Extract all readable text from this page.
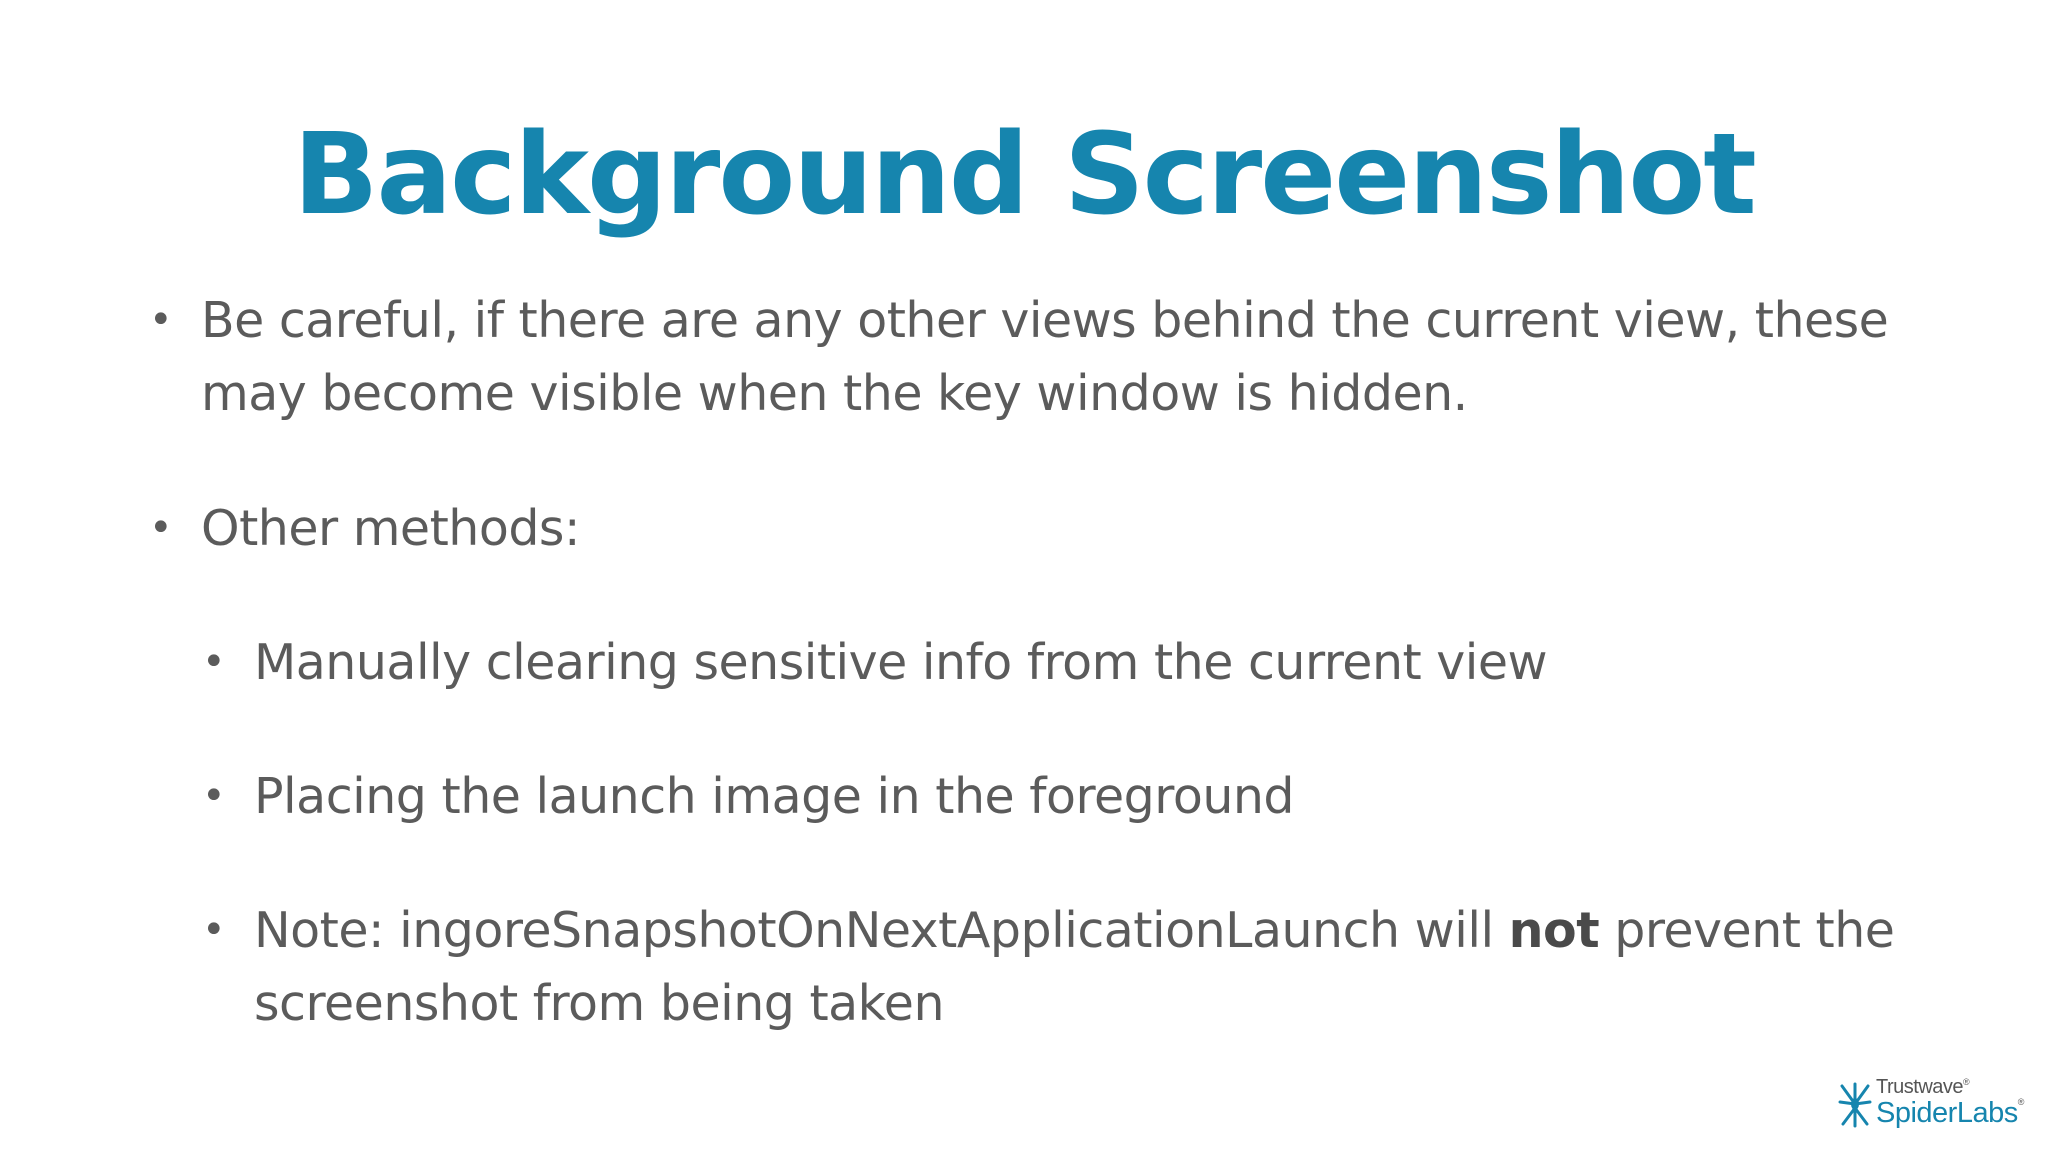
Background Screenshot
• Be careful, if there are any other views behind the current view, these may become visible when the key window is hidden.
• Other methods:
• Manually clearing sensitive info from the current view
• Placing the launch image in the foreground
• Note: ingoreSnapshotOnNextApplicationLaunch will not prevent the screenshot from being taken
Trustwave®
SpiderLabs®
